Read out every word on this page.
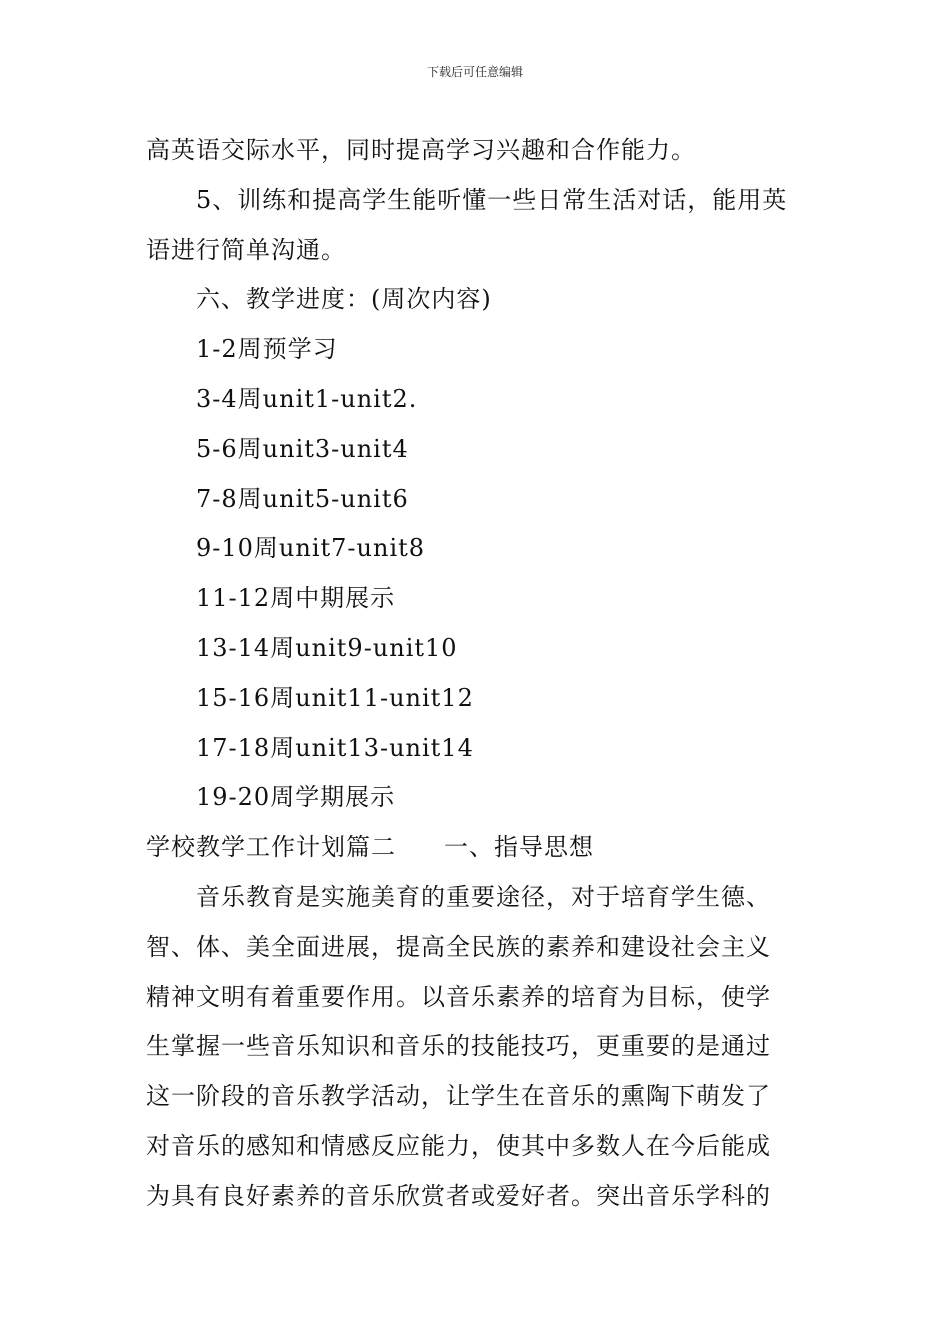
下载后可任意编辑
高英语交际水平，同时提高学习兴趣和合作能力。
5、训练和提高学生能听懂一些日常生活对话，能用英
语进行简单沟通。
六、教学进度：(周次内容)
1-2周预学习
3-4周unit1-unit2.
5-6周unit3-unit4
7-8周unit5-unit6
9-10周unit7-unit8
11-12周中期展示
13-14周unit9-unit10
15-16周unit11-unit12
17-18周unit13-unit14
19-20周学期展示
学校教学工作计划篇二 一、指导思想
音乐教育是实施美育的重要途径，对于培育学生德、
智、体、美全面进展，提高全民族的素养和建设社会主义
精神文明有着重要作用。以音乐素养的培育为目标，使学
生掌握一些音乐知识和音乐的技能技巧，更重要的是通过
这一阶段的音乐教学活动，让学生在音乐的熏陶下萌发了
对音乐的感知和情感反应能力，使其中多数人在今后能成
为具有良好素养的音乐欣赏者或爱好者。突出音乐学科的
